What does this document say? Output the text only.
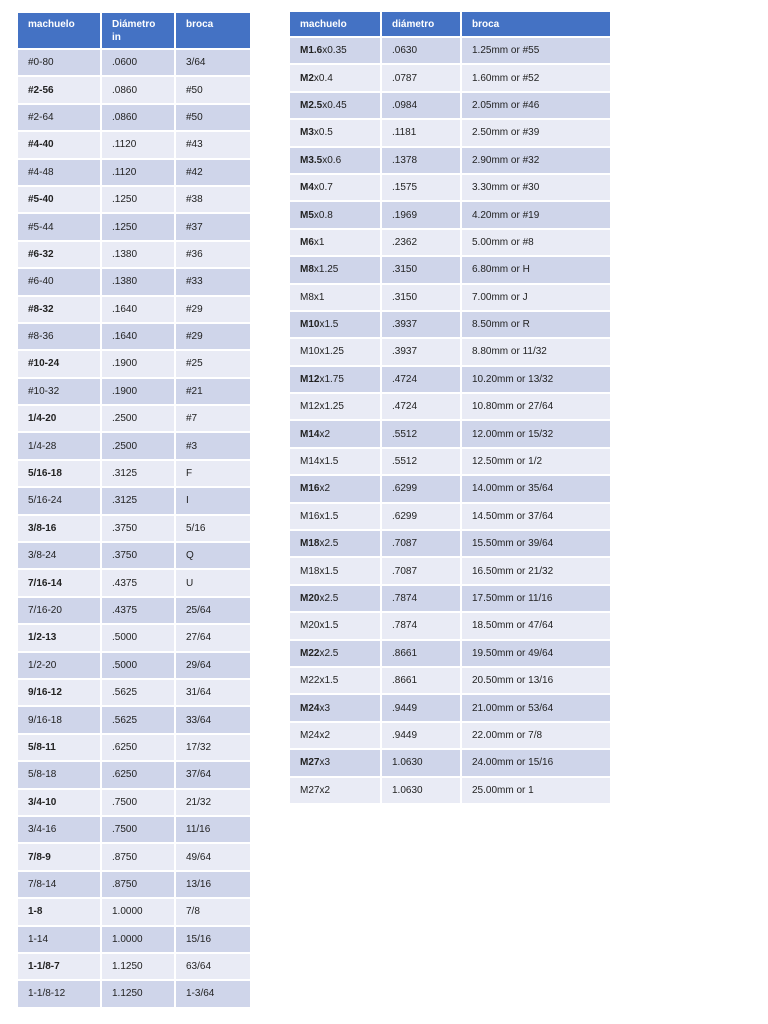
machuelo	Diámetro in	broca
#0-80	.0600	3/64
#2-56	.0860	#50
#2-64	.0860	#50
#4-40	.1120	#43
#4-48	.1120	#42
#5-40	.1250	#38
#5-44	.1250	#37
#6-32	.1380	#36
#6-40	.1380	#33
#8-32	.1640	#29
#8-36	.1640	#29
#10-24	.1900	#25
#10-32	.1900	#21
1/4-20	.2500	#7
1/4-28	.2500	#3
5/16-18	.3125	F
5/16-24	.3125	I
3/8-16	.3750	5/16
3/8-24	.3750	Q
7/16-14	.4375	U
7/16-20	.4375	25/64
1/2-13	.5000	27/64
1/2-20	.5000	29/64
9/16-12	.5625	31/64
9/16-18	.5625	33/64
5/8-11	.6250	17/32
5/8-18	.6250	37/64
3/4-10	.7500	21/32
3/4-16	.7500	11/16
7/8-9	.8750	49/64
7/8-14	.8750	13/16
1-8	1.0000	7/8
1-14	1.0000	15/16
1-1/8-7	1.1250	63/64
1-1/8-12	1.1250	1-3/64
machuelo	diámetro	broca
M1.6x0.35	.0630	1.25mm or #55
M2x0.4	.0787	1.60mm or #52
M2.5x0.45	.0984	2.05mm or #46
M3x0.5	.1181	2.50mm or #39
M3.5x0.6	.1378	2.90mm or #32
M4x0.7	.1575	3.30mm or #30
M5x0.8	.1969	4.20mm or #19
M6x1	.2362	5.00mm or #8
M8x1.25	.3150	6.80mm or H
M8x1	.3150	7.00mm or J
M10x1.5	.3937	8.50mm or R
M10x1.25	.3937	8.80mm or 11/32
M12x1.75	.4724	10.20mm or 13/32
M12x1.25	.4724	10.80mm or 27/64
M14x2	.5512	12.00mm or 15/32
M14x1.5	.5512	12.50mm or 1/2
M16x2	.6299	14.00mm or 35/64
M16x1.5	.6299	14.50mm or 37/64
M18x2.5	.7087	15.50mm or 39/64
M18x1.5	.7087	16.50mm or 21/32
M20x2.5	.7874	17.50mm or 11/16
M20x1.5	.7874	18.50mm or 47/64
M22x2.5	.8661	19.50mm or 49/64
M22x1.5	.8661	20.50mm or 13/16
M24x3	.9449	21.00mm or 53/64
M24x2	.9449	22.00mm or 7/8
M27x3	1.0630	24.00mm or 15/16
M27x2	1.0630	25.00mm or 1
